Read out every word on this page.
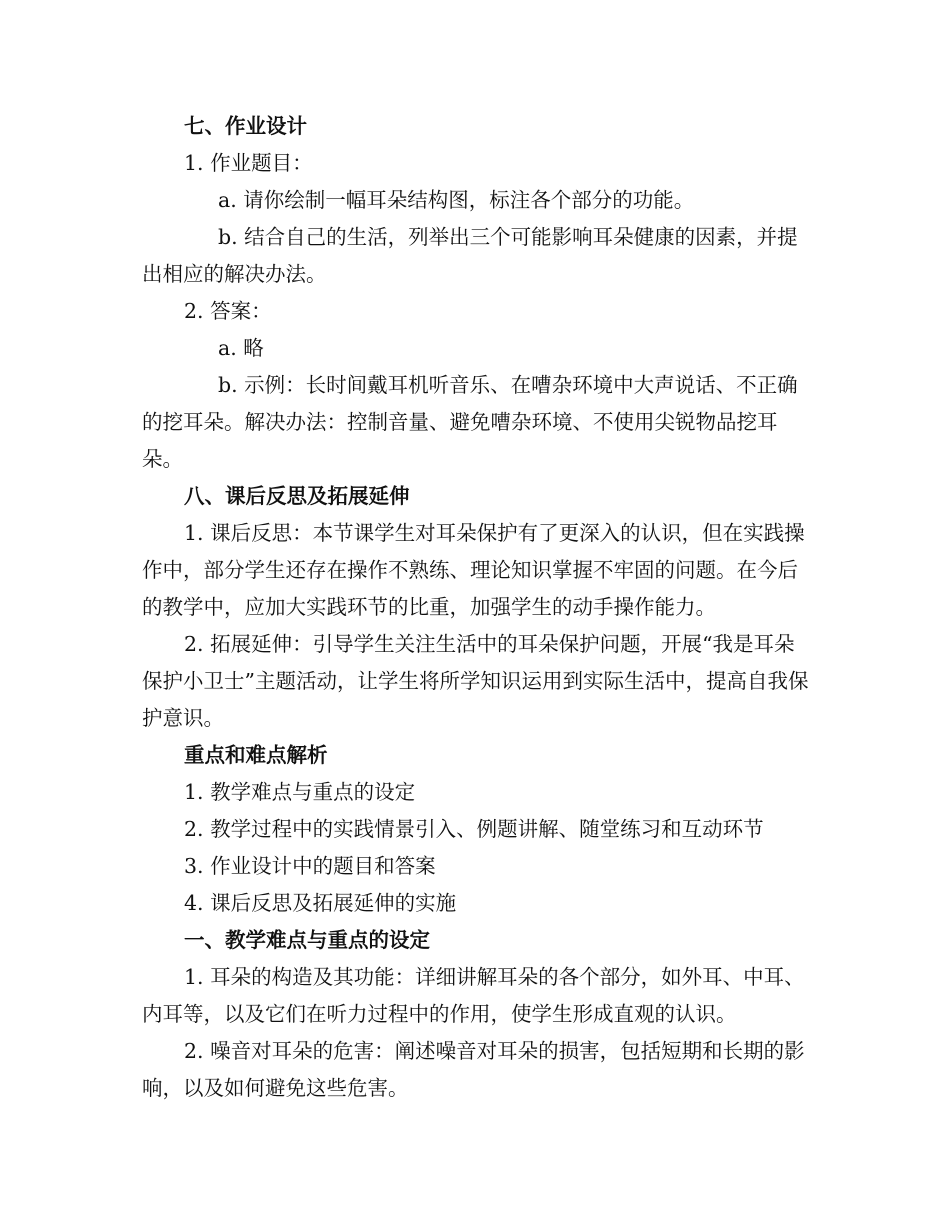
七、作业设计
1. 作业题目：
a. 请你绘制一幅耳朵结构图，标注各个部分的功能。
b. 结合自己的生活，列举出三个可能影响耳朵健康的因素，并提出相应的解决办法。
2. 答案：
a. 略
b. 示例：长时间戴耳机听音乐、在嘈杂环境中大声说话、不正确的挖耳朵。解决办法：控制音量、避免嘈杂环境、不使用尖锐物品挖耳朵。
八、课后反思及拓展延伸
1. 课后反思：本节课学生对耳朵保护有了更深入的认识，但在实践操作中，部分学生还存在操作不熟练、理论知识掌握不牢固的问题。在今后的教学中，应加大实践环节的比重，加强学生的动手操作能力。
2. 拓展延伸：引导学生关注生活中的耳朵保护问题，开展“我是耳朵保护小卫士”主题活动，让学生将所学知识运用到实际生活中，提高自我保护意识。
重点和难点解析
1. 教学难点与重点的设定
2. 教学过程中的实践情景引入、例题讲解、随堂练习和互动环节
3. 作业设计中的题目和答案
4. 课后反思及拓展延伸的实施
一、教学难点与重点的设定
1. 耳朵的构造及其功能：详细讲解耳朵的各个部分，如外耳、中耳、内耳等，以及它们在听力过程中的作用，使学生形成直观的认识。
2. 噪音对耳朵的危害：阐述噪音对耳朵的损害，包括短期和长期的影响，以及如何避免这些危害。
